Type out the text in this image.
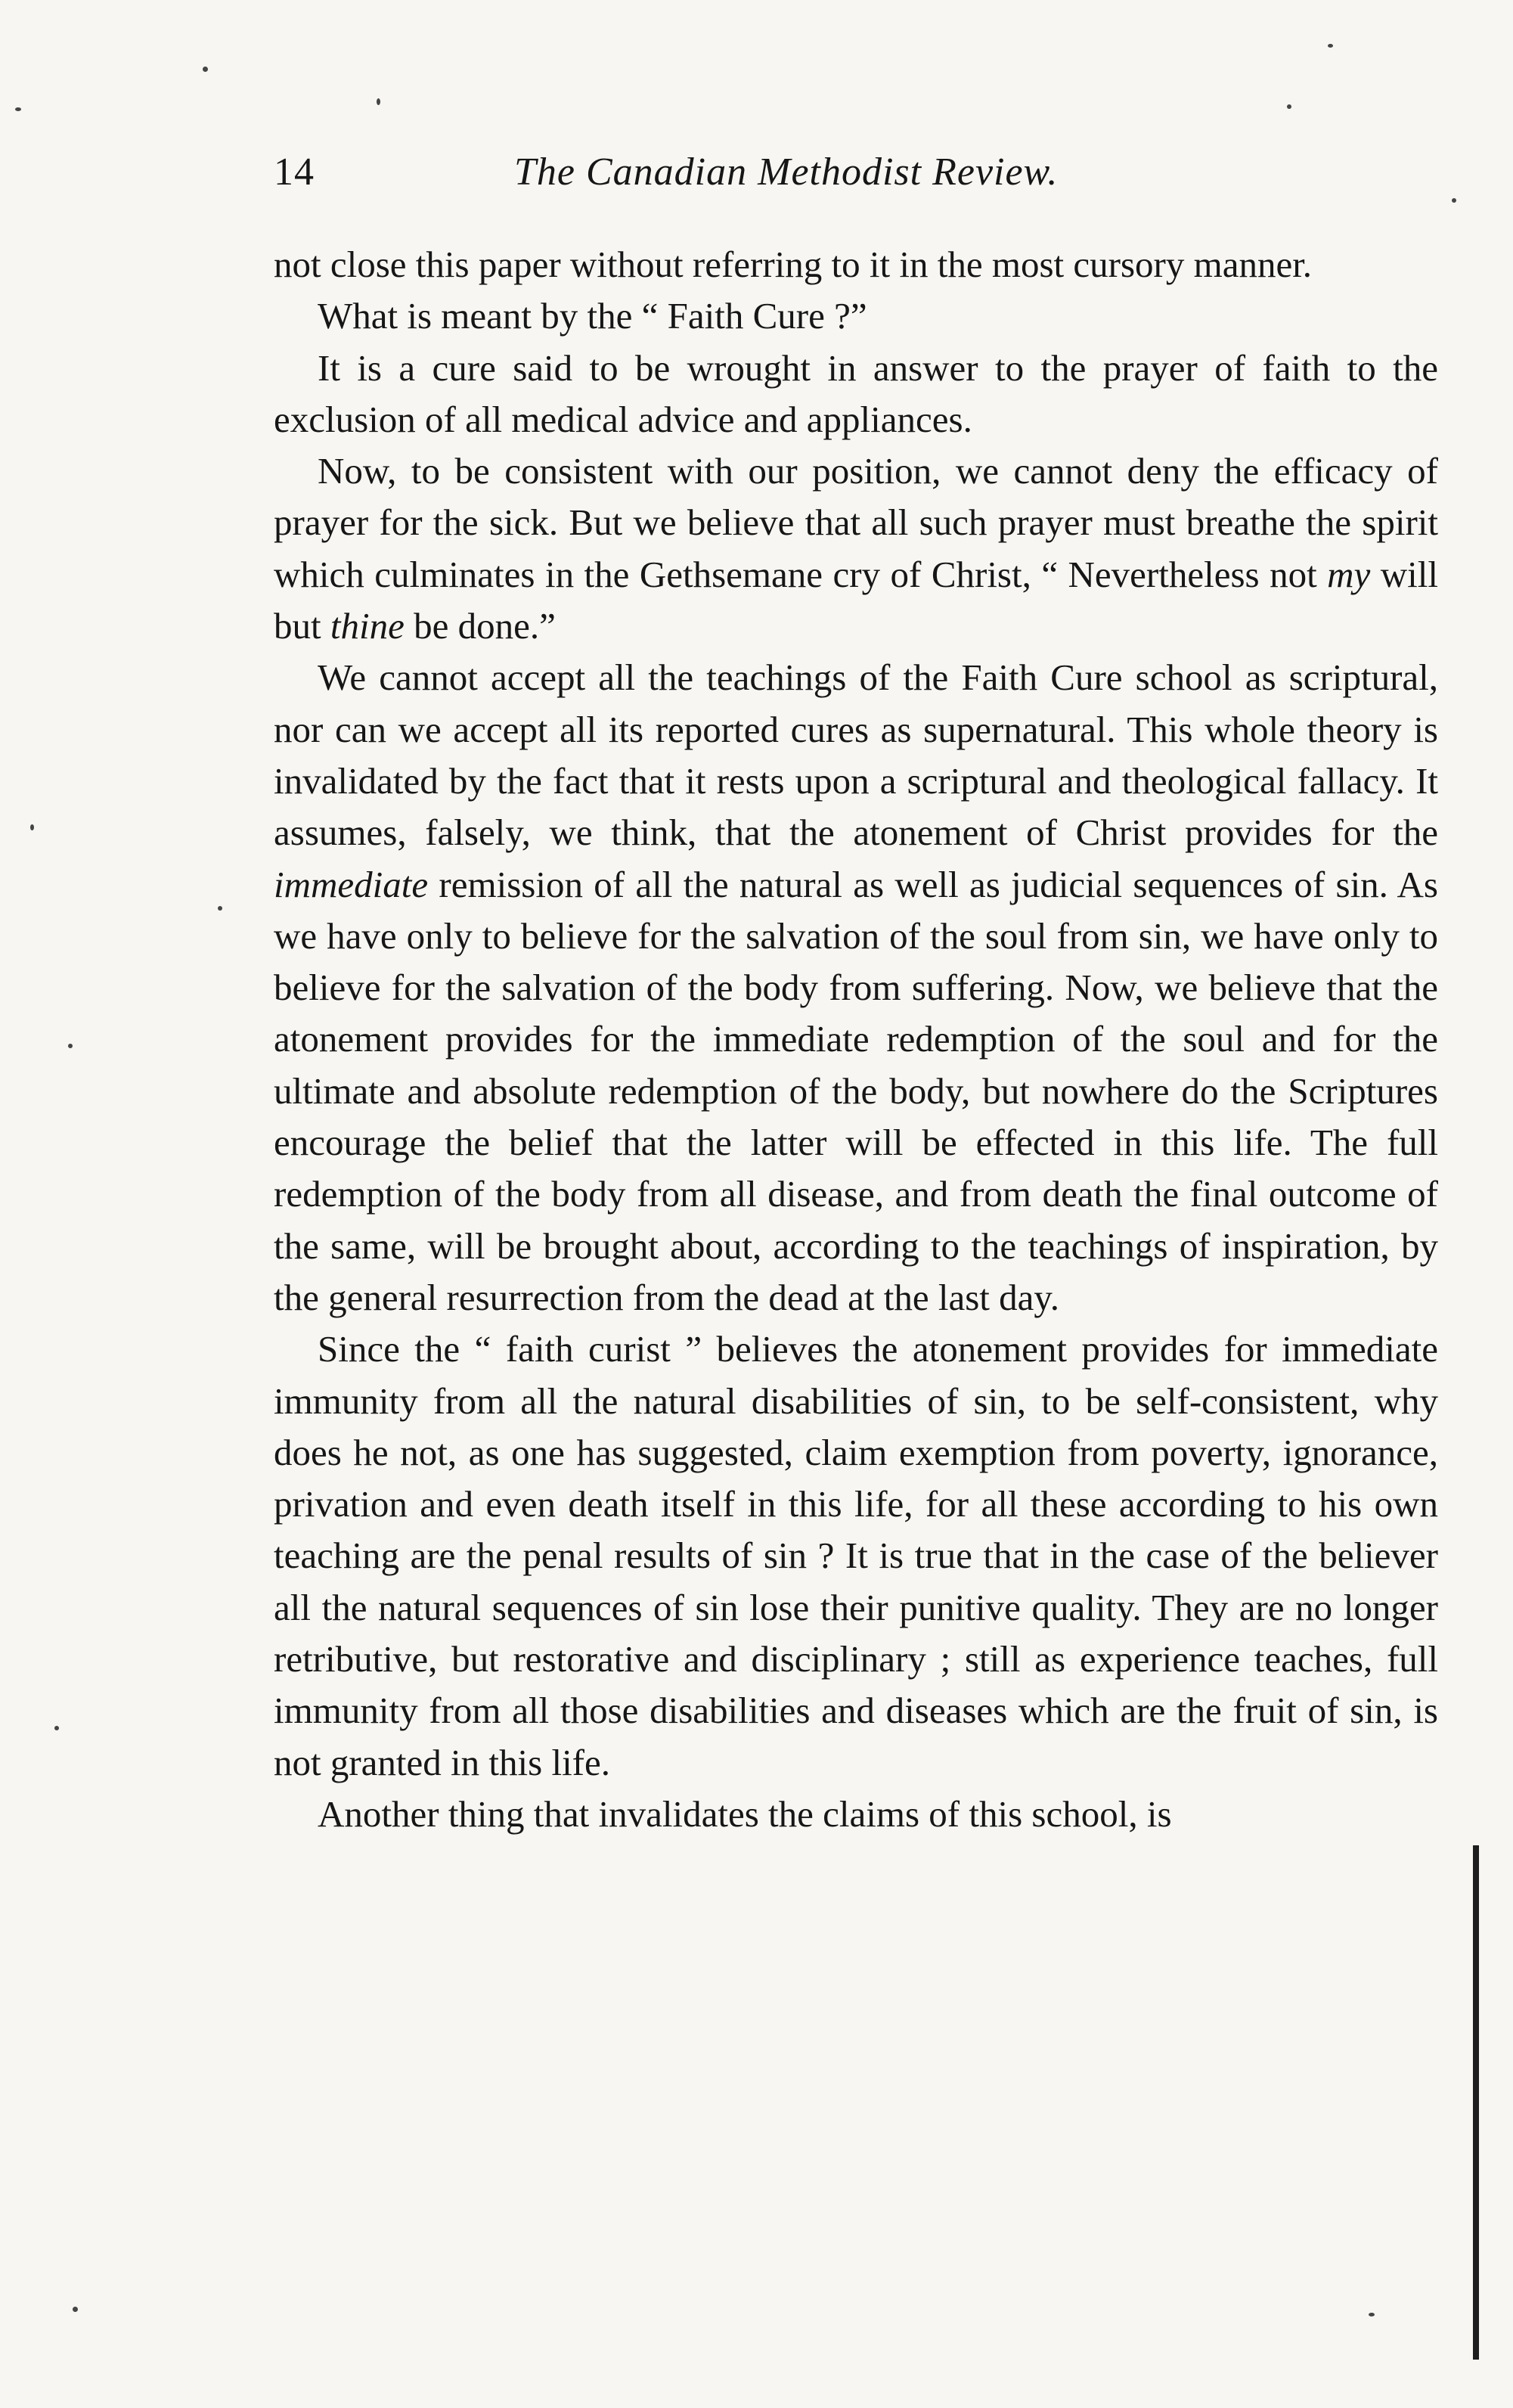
14	The Canadian Methodist Review.

not close this paper without referring to it in the most cursory manner.

What is meant by the “ Faith Cure ?”

It is a cure said to be wrought in answer to the prayer of faith to the exclusion of all medical advice and appliances.

Now, to be consistent with our position, we cannot deny the efficacy of prayer for the sick. But we believe that all such prayer must breathe the spirit which culminates in the Gethsemane cry of Christ, “ Nevertheless not my will but thine be done.”

We cannot accept all the teachings of the Faith Cure school as scriptural, nor can we accept all its reported cures as supernatural. This whole theory is invalidated by the fact that it rests upon a scriptural and theological fallacy. It assumes, falsely, we think, that the atonement of Christ provides for the immediate remission of all the natural as well as judicial sequences of sin. As we have only to believe for the salvation of the soul from sin, we have only to believe for the salvation of the body from suffering. Now, we believe that the atonement provides for the immediate redemption of the soul and for the ultimate and absolute redemption of the body, but nowhere do the Scriptures encourage the belief that the latter will be effected in this life. The full redemption of the body from all disease, and from death the final outcome of the same, will be brought about, according to the teachings of inspiration, by the general resurrection from the dead at the last day.

Since the “ faith curist ” believes the atonement provides for immediate immunity from all the natural disabilities of sin, to be self-consistent, why does he not, as one has suggested, claim exemption from poverty, ignorance, privation and even death itself in this life, for all these according to his own teaching are the penal results of sin ? It is true that in the case of the believer all the natural sequences of sin lose their punitive quality. They are no longer retributive, but restorative and disciplinary ; still as experience teaches, full immunity from all those disabilities and diseases which are the fruit of sin, is not granted in this life.

Another thing that invalidates the claims of this school, is
